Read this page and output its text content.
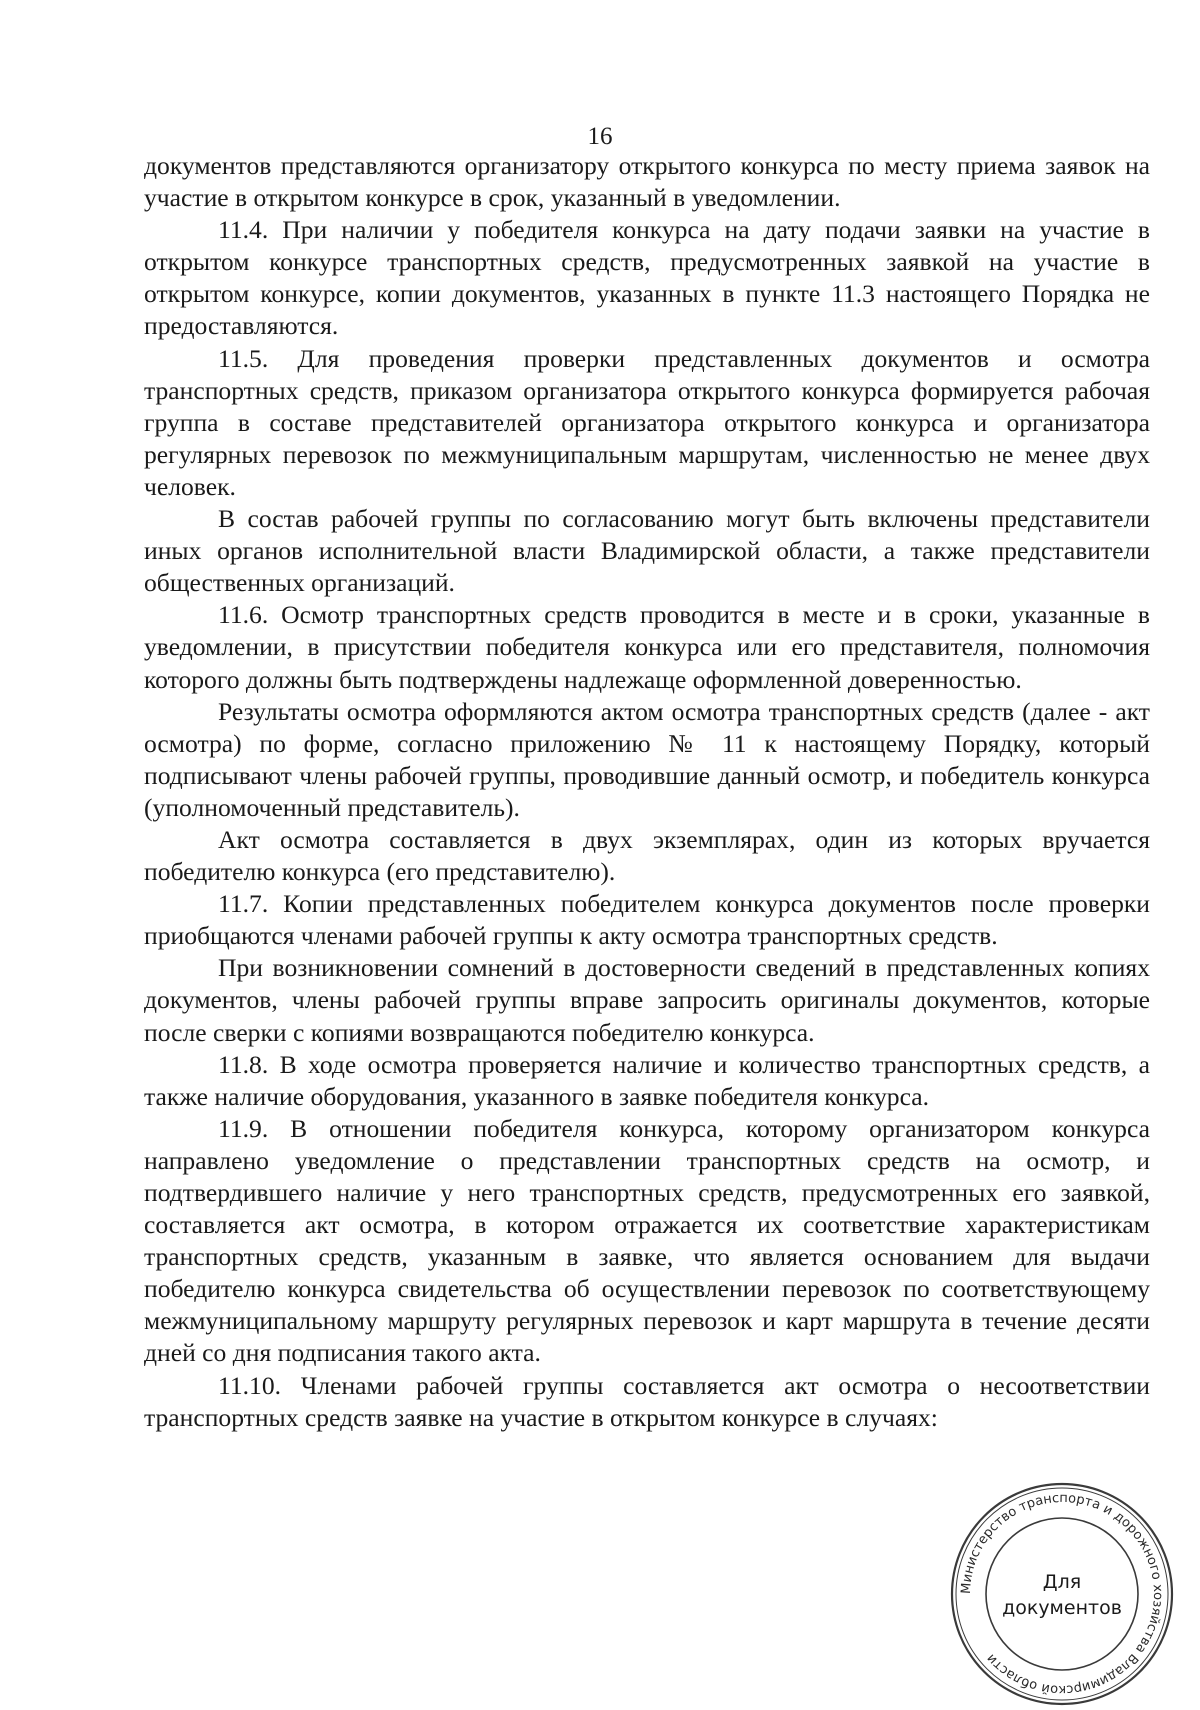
16

документов представляются организатору открытого конкурса по месту приема заявок на участие в открытом конкурсе в срок, указанный в уведомлении.

11.4. При наличии у победителя конкурса на дату подачи заявки на участие в открытом конкурсе транспортных средств, предусмотренных заявкой на участие в открытом конкурсе, копии документов, указанных в пункте 11.3 настоящего Порядка не предоставляются.

11.5. Для проведения проверки представленных документов и осмотра транспортных средств, приказом организатора открытого конкурса формируется рабочая группа в составе представителей организатора открытого конкурса и организатора регулярных перевозок по межмуниципальным маршрутам, численностью не менее двух человек.

В состав рабочей группы по согласованию могут быть включены представители иных органов исполнительной власти Владимирской области, а также представители общественных организаций.

11.6. Осмотр транспортных средств проводится в месте и в сроки, указанные в уведомлении, в присутствии победителя конкурса или его представителя, полномочия которого должны быть подтверждены надлежаще оформленной доверенностью.

Результаты осмотра оформляются актом осмотра транспортных средств (далее - акт осмотра) по форме, согласно приложению № 11 к настоящему Порядку, который подписывают члены рабочей группы, проводившие данный осмотр, и победитель конкурса (уполномоченный представитель).

Акт осмотра составляется в двух экземплярах, один из которых вручается победителю конкурса (его представителю).

11.7. Копии представленных победителем конкурса документов после проверки приобщаются членами рабочей группы к акту осмотра транспортных средств.

При возникновении сомнений в достоверности сведений в представленных копиях документов, члены рабочей группы вправе запросить оригиналы документов, которые после сверки с копиями возвращаются победителю конкурса.

11.8. В ходе осмотра проверяется наличие и количество транспортных средств, а также наличие оборудования, указанного в заявке победителя конкурса.

11.9. В отношении победителя конкурса, которому организатором конкурса направлено уведомление о представлении транспортных средств на осмотр, и подтвердившего наличие у него транспортных средств, предусмотренных его заявкой, составляется акт осмотра, в котором отражается их соответствие характеристикам транспортных средств, указанным в заявке, что является основанием для выдачи победителю конкурса свидетельства об осуществлении перевозок по соответствующему межмуниципальному маршруту регулярных перевозок и карт маршрута в течение десяти дней со дня подписания такого акта.

11.10. Членами рабочей группы составляется акт осмотра о несоответствии транспортных средств заявке на участие в открытом конкурсе в случаях:

Министерство транспорта и дорожного хозяйства Владимирской области
Для
документов
